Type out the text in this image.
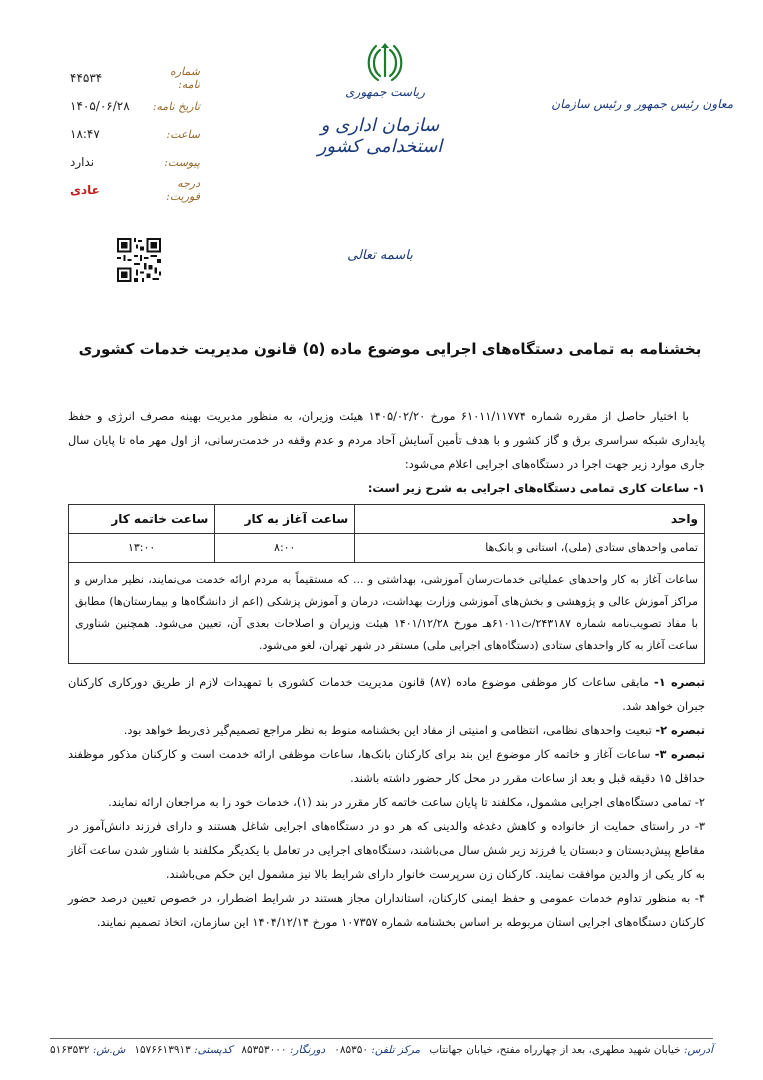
شماره نامه:
۴۴۵۳۴
تاریخ نامه:
۱۴۰۵/۰۶/۲۸
ساعت:
۱۸:۴۷
پیوست:
ندارد
درجه فوریت:
عادی
ریاست جمهوری
سازمان اداری و استخدامی کشور
معاون رئیس جمهور و رئیس سازمان
باسمه تعالی
بخشنامه به تمامی دستگاه‌های اجرایی موضوع ماده (۵) قانون مدیریت خدمات کشوری

با اختیار حاصل از مقرره شماره ۶۱۰۱۱/۱۱۷۷۴ مورخ ۱۴۰۵/۰۲/۲۰ هیئت وزیران، به منظور مدیریت بهینه مصرف انرژی و حفظ پایداری شبکه سراسری برق و گاز کشور و با هدف تأمین آسایش آحاد مردم و عدم وقفه در خدمت‌رسانی، از اول مهر ماه تا پایان سال جاری موارد زیر جهت اجرا در دستگاه‌های اجرایی اعلام می‌شود:

۱- ساعات کاری تمامی دستگاه‌های اجرایی به شرح زیر است:

واحد	ساعت آغاز به کار	ساعت خاتمه کار
تمامی واحدهای ستادی (ملی)، استانی و بانک‌ها	۸:۰۰	۱۳:۰۰
ساعات آغاز به کار واحدهای عملیاتی خدمات‌رسان آموزشی، بهداشتی و ... که مستقیماً به مردم ارائه خدمت می‌نمایند، نظیر مدارس و مراکز آموزش عالی و پژوهشی و بخش‌های آموزشی وزارت بهداشت، درمان و آموزش پزشکی (اعم از دانشگاه‌ها و بیمارستان‌ها) مطابق با مفاد تصویب‌نامه شماره ۲۴۳۱۸۷/ت۶۱۰۱۱هـ مورخ ۱۴۰۱/۱۲/۲۸ هیئت وزیران و اصلاحات بعدی آن، تعیین می‌شود. همچنین شناوری ساعت آغاز به کار واحدهای ستادی (دستگاه‌های اجرایی ملی) مستقر در شهر تهران، لغو می‌شود.		

تبصره ۱- مابقی ساعات کار موظفی موضوع ماده (۸۷) قانون مدیریت خدمات کشوری با تمهیدات لازم از طریق دورکاری کارکنان جبران خواهد شد.

تبصره ۲- تبعیت واحدهای نظامی، انتظامی و امنیتی از مفاد این بخشنامه منوط به نظر مراجع تصمیم‌گیر ذی‌ربط خواهد بود.

تبصره ۳- ساعات آغاز و خاتمه کار موضوع این بند برای کارکنان بانک‌ها، ساعات موظفی ارائه خدمت است و کارکنان مذکور موظفند حداقل ۱۵ دقیقه قبل و بعد از ساعات مقرر در محل کار حضور داشته باشند.

۲- تمامی دستگاه‌های اجرایی مشمول، مکلفند تا پایان ساعت خاتمه کار مقرر در بند (۱)، خدمات خود را به مراجعان ارائه نمایند.

۳- در راستای حمایت از خانواده و کاهش دغدغه والدینی که هر دو در دستگاه‌های اجرایی شاغل هستند و دارای فرزند دانش‌آموز در مقاطع پیش‌دبستان و دبستان یا فرزند زیر شش سال می‌باشند، دستگاه‌های اجرایی در تعامل با یکدیگر مکلفند با شناور شدن ساعت آغاز به کار یکی از والدین موافقت نمایند. کارکنان زن سرپرست خانوار دارای شرایط بالا نیز مشمول این حکم می‌باشند.

۴- به منظور تداوم خدمات عمومی و حفظ ایمنی کارکنان، استانداران مجاز هستند در شرایط اضطرار، در خصوص تعیین درصد حضور کارکنان دستگاه‌های اجرایی استان مربوطه بر اساس بخشنامه شماره ۱۰۷۳۵۷ مورخ ۱۴۰۴/۱۲/۱۴ این سازمان، اتخاذ تصمیم نمایند.

آدرس: خیابان شهید مطهری، بعد از چهارراه مفتح، خیابان جهانتاب
مرکز تلفن: ۰۸۵۳۵۰
دورنگار: ۸۵۳۵۳۰۰۰
کدپستی: ۱۵۷۶۶۱۳۹۱۳
ش.ش: ۵۱۶۳۵۳۲
